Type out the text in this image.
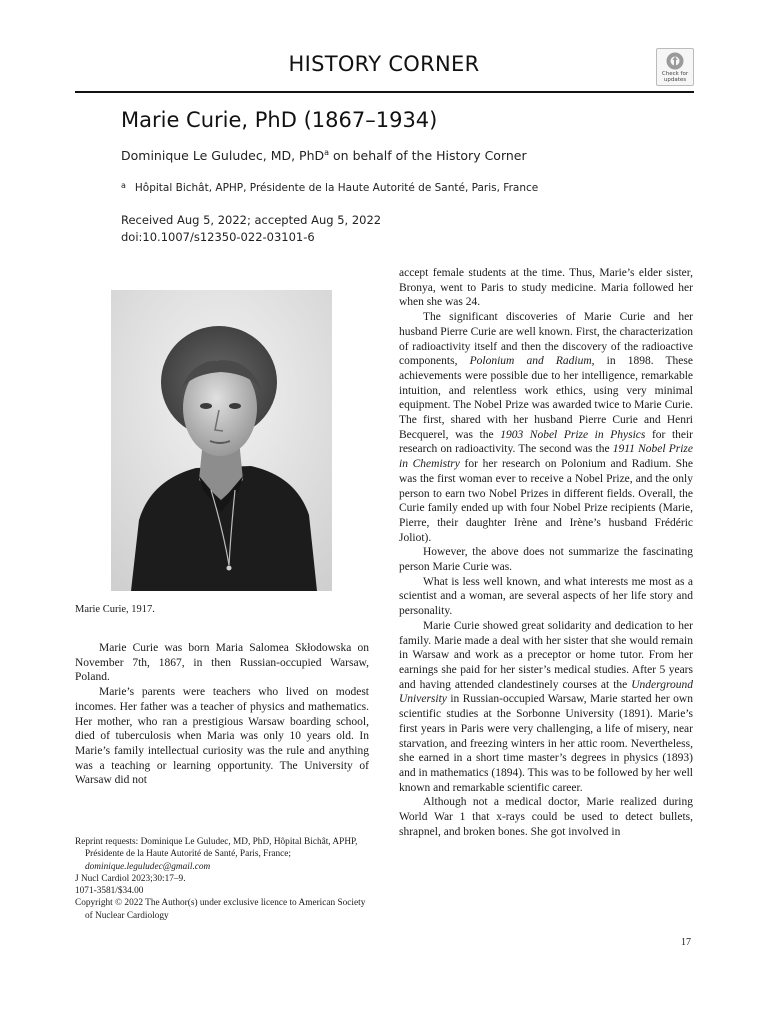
HISTORY CORNER	Check for
updates
Marie Curie, PhD (1867–1934)
Dominique Le Guludec, MD, PhD$^a$ on behalf of the History Corner
a Hôpital Bichât, APHP, Présidente de la Haute Autorité de Santé, Paris, France
Received Aug 5, 2022; accepted Aug 5, 2022
doi:10.1007/s12350-022-03101-6
Marie Curie, 1917.

Marie Curie was born Maria Salomea Skłodowska on November 7th, 1867, in then Russian-occupied Warsaw, Poland.

Marie’s parents were teachers who lived on modest incomes. Her father was a teacher of physics and mathematics. Her mother, who ran a prestigious Warsaw boarding school, died of tuberculosis when Maria was only 10 years old. In Marie’s family intellectual curiosity was the rule and anything was a teaching or learning opportunity. The University of Warsaw did not

Reprint requests: Dominique Le Guludec, MD, PhD, Hôpital Bichât, APHP, Présidente de la Haute Autorité de Santé, Paris, France; dominique.leguludec@gmail.com
J Nucl Cardiol 2023;30:17–9.
1071-3581/$34.00
Copyright © 2022 The Author(s) under exclusive licence to American Society of Nuclear Cardiology

accept female students at the time. Thus, Marie’s elder sister, Bronya, went to Paris to study medicine. Maria followed her when she was 24.

The significant discoveries of Marie Curie and her husband Pierre Curie are well known. First, the characterization of radioactivity itself and then the discovery of the radioactive components, Polonium and Radium, in 1898. These achievements were possible due to her intelligence, remarkable intuition, and relentless work ethics, using very minimal equipment. The Nobel Prize was awarded twice to Marie Curie. The first, shared with her husband Pierre Curie and Henri Becquerel, was the 1903 Nobel Prize in Physics for their research on radioactivity. The second was the 1911 Nobel Prize in Chemistry for her research on Polonium and Radium. She was the first woman ever to receive a Nobel Prize, and the only person to earn two Nobel Prizes in different fields. Overall, the Curie family ended up with four Nobel Prize recipients (Marie, Pierre, their daughter Irène and Irène’s husband Frédéric Joliot).

However, the above does not summarize the fascinating person Marie Curie was.

What is less well known, and what interests me most as a scientist and a woman, are several aspects of her life story and personality.

Marie Curie showed great solidarity and dedication to her family. Marie made a deal with her sister that she would remain in Warsaw and work as a preceptor or home tutor. From her earnings she paid for her sister’s medical studies. After 5 years and having attended clandestinely courses at the Underground University in Russian-occupied Warsaw, Marie started her own scientific studies at the Sorbonne University (1891). Marie’s first years in Paris were very challenging, a life of misery, near starvation, and freezing winters in her attic room. Nevertheless, she earned in a short time master’s degrees in physics (1893) and in mathematics (1894). This was to be followed by her well known and remarkable scientific career.

Although not a medical doctor, Marie realized during World War 1 that x-rays could be used to detect bullets, shrapnel, and broken bones. She got involved in

17
